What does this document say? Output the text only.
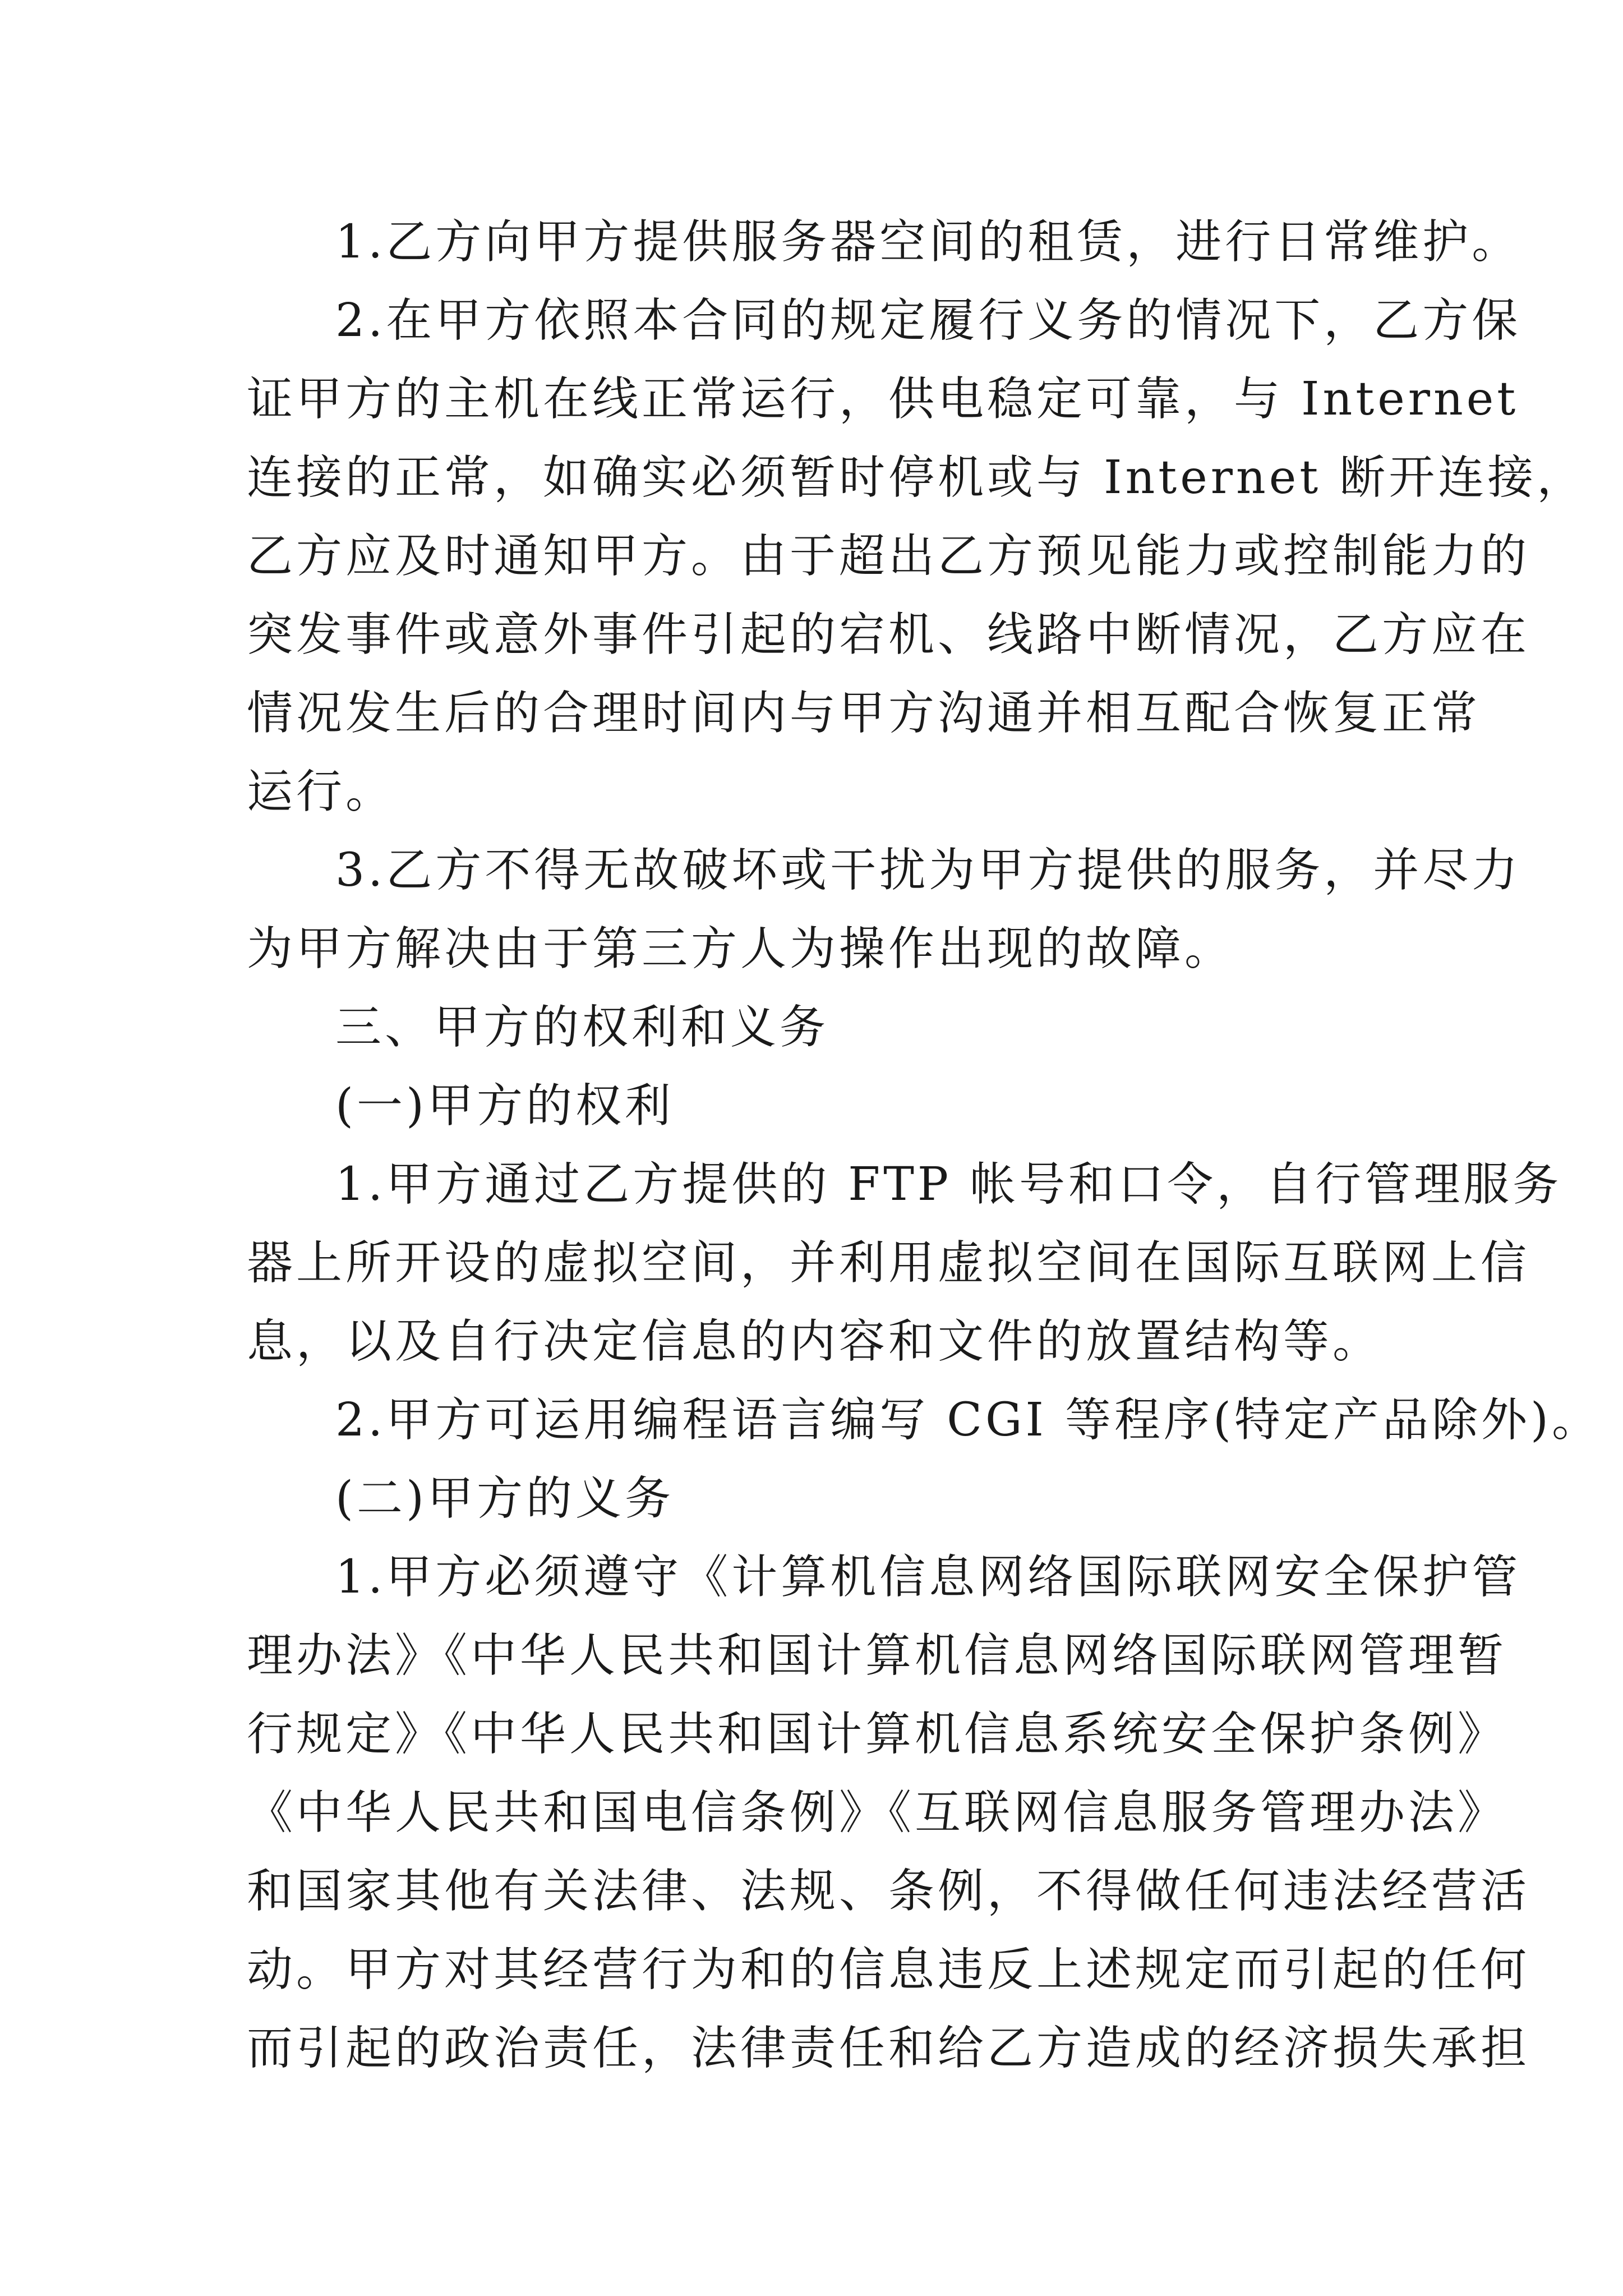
1.乙方向甲方提供服务器空间的租赁，进行日常维护。
2.在甲方依照本合同的规定履行义务的情况下，乙方保
证甲方的主机在线正常运行，供电稳定可靠，与 Internet
连接的正常，如确实必须暂时停机或与 Internet 断开连接，
乙方应及时通知甲方。由于超出乙方预见能力或控制能力的
突发事件或意外事件引起的宕机、线路中断情况，乙方应在
情况发生后的合理时间内与甲方沟通并相互配合恢复正常
运行。
3.乙方不得无故破坏或干扰为甲方提供的服务，并尽力
为甲方解决由于第三方人为操作出现的故障。
三、甲方的权利和义务
(一)甲方的权利
1.甲方通过乙方提供的 FTP 帐号和口令，自行管理服务
器上所开设的虚拟空间，并利用虚拟空间在国际互联网上信
息，以及自行决定信息的内容和文件的放置结构等。
2.甲方可运用编程语言编写 CGI 等程序(特定产品除外)。
(二)甲方的义务
1.甲方必须遵守《计算机信息网络国际联网安全保护管
理办法》《中华人民共和国计算机信息网络国际联网管理暂
行规定》《中华人民共和国计算机信息系统安全保护条例》
《中华人民共和国电信条例》《互联网信息服务管理办法》
和国家其他有关法律、法规、条例，不得做任何违法经营活
动。甲方对其经营行为和的信息违反上述规定而引起的任何
而引起的政治责任，法律责任和给乙方造成的经济损失承担
